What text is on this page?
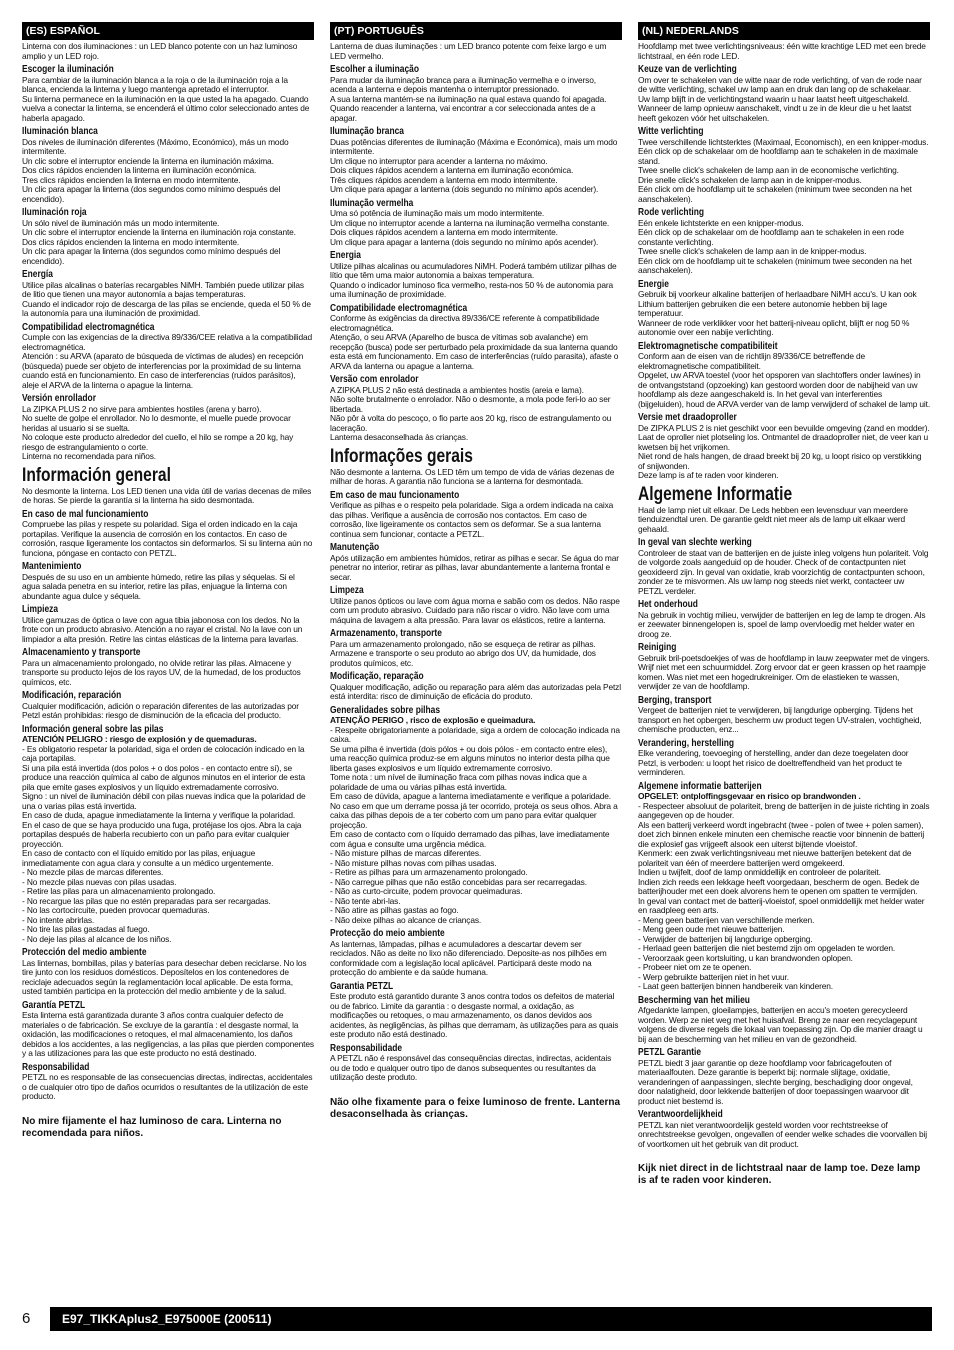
(ES) ESPAÑOL

Linterna con dos iluminaciones : un LED blanco potente con un haz luminoso amplio y un LED rojo.

Escoger la iluminación

Para cambiar de la iluminación blanca a la roja o de la iluminación roja a la blanca, encienda la linterna y luego mantenga apretado el interruptor.
Su linterna permanece en la iluminación en la que usted la ha apagado. Cuando vuelva a conectar la linterna, se encenderá el último color seleccionado antes de haberla apagado.

Iluminación blanca

Dos niveles de iluminación diferentes (Máximo, Económico), más un modo intermitente.
Un clic sobre el interruptor enciende la linterna en iluminación máxima.
Dos clics rápidos encienden la linterna en iluminación económica.
Tres clics rápidos encienden la linterna en modo intermitente.
Un clic para apagar la linterna (dos segundos como mínimo después del encendido).

Iluminación roja

Un sólo nivel de iluminación más un modo intermitente.
Un clic sobre el interruptor enciende la linterna en iluminación roja constante.
Dos clics rápidos encienden la linterna en modo intermitente.
Un clic para apagar la linterna (dos segundos como mínimo después del encendido).

Energía

Utilice pilas alcalinas o baterías recargables NiMH. También puede utilizar pilas de litio que tienen una mayor autonomía a bajas temperaturas.
Cuando el indicador rojo de descarga de las pilas se enciende, queda el 50 % de la autonomía para una iluminación de proximidad.

Compatibilidad electromagnética

Cumple con las exigencias de la directiva 89/336/CEE relativa a la compatibilidad electromagnética.
Atención : su ARVA (aparato de búsqueda de víctimas de aludes) en recepción (búsqueda) puede ser objeto de interferencias por la proximidad de su linterna cuando está en funcionamiento. En caso de interferencias (ruidos parásitos), aleje el ARVA de la linterna o apague la linterna.

Versión enrollador

La ZIPKA PLUS 2 no sirve para ambientes hostiles (arena y barro).
No suelte de golpe el enrollador. No lo desmonte, el muelle puede provocar heridas al usuario si se suelta.
No coloque este producto alrededor del cuello, el hilo se rompe a 20 kg, hay riesgo de estrangulamiento o corte.
Linterna no recomendada para niños.

Información general

No desmonte la linterna. Los LED tienen una vida útil de varias decenas de miles de horas. Se pierde la garantía si la linterna ha sido desmontada.

En caso de mal funcionamiento

Compruebe las pilas y respete su polaridad. Siga el orden indicado en la caja portapilas. Verifique la ausencia de corrosión en los contactos. En caso de corrosión, rasque ligeramente los contactos sin deformarlos. Si su linterna aún no funciona, póngase en contacto con PETZL.

Mantenimiento

Después de su uso en un ambiente húmedo, retire las pilas y séquelas. Si el agua salada penetra en su interior, retire las pilas, enjuague la linterna con abundante agua dulce y séquela.

Limpieza

Utilice gamuzas de óptica o lave con agua tibia jabonosa con los dedos. No la frote con un producto abrasivo. Atención a no rayar el cristal. No la lave con un limpiador a alta presión. Retire las cintas elásticas de la linterna para lavarlas.

Almacenamiento y transporte

Para un almacenamiento prolongado, no olvide retirar las pilas. Almacene y transporte su producto lejos de los rayos UV, de la humedad, de los productos químicos, etc.

Modificación, reparación

Cualquier modificación, adición o reparación diferentes de las autorizadas por Petzl están prohibidas: riesgo de disminución de la eficacia del producto.

Información general sobre las pilas

ATENCIÓN PELIGRO : riesgo de explosión y de quemaduras.

- Es obligatorio respetar la polaridad, siga el orden de colocación indicado en la caja portapilas.
Si una pila está invertida (dos polos + o dos polos - en contacto entre sí), se produce una reacción química al cabo de algunos minutos en el interior de esta pila que emite gases explosivos y un líquido extremadamente corrosivo.
Signo : un nivel de iluminación débil con pilas nuevas indica que la polaridad de una o varias pilas está invertida.
En caso de duda, apague inmediatamente la linterna y verifique la polaridad.
En el caso de que se haya producido una fuga, protéjase los ojos. Abra la caja portapilas después de haberla recubierto con un paño para evitar cualquier proyección.
En caso de contacto con el líquido emitido por las pilas, enjuague inmediatamente con agua clara y consulte a un médico urgentemente.
- No mezcle pilas de marcas diferentes.
- No mezcle pilas nuevas con pilas usadas.
- Retire las pilas para un almacenamiento prolongado.
- No recargue las pilas que no estén preparadas para ser recargadas.
- No las cortocircuite, pueden provocar quemaduras.
- No intente abrirlas.
- No tire las pilas gastadas al fuego.
- No deje las pilas al alcance de los niños.

Protección del medio ambiente

Las linternas, bombillas, pilas y baterías para desechar deben reciclarse. No los tire junto con los residuos domésticos. Deposítelos en los contenedores de reciclaje adecuados según la reglamentación local aplicable. De esta forma, usted también participa en la protección del medio ambiente y de la salud.

Garantía PETZL

Esta linterna está garantizada durante 3 años contra cualquier defecto de materiales o de fabricación. Se excluye de la garantía : el desgaste normal, la oxidación, las modificaciones o retoques, el mal almacenamiento, los daños debidos a los accidentes, a las negligencias, a las pilas que pierden componentes y a las utilizaciones para las que este producto no está destinado.

Responsabilidad

PETZL no es responsable de las consecuencias directas, indirectas, accidentales o de cualquier otro tipo de daños ocurridos o resultantes de la utilización de este producto.

No mire fijamente el haz luminoso de cara. Linterna no recomendada para niños.
(PT) PORTUGUÊS

Lanterna de duas iluminações : um LED branco potente com feixe largo e um LED vermelho.

Escolher a iluminação

Para mudar da iluminação branca para a iluminação vermelha e o inverso, acenda a lanterna e depois mantenha o interruptor pressionado.
A sua lanterna mantém-se na iluminação na qual estava quando foi apagada.
Quando reacender a lanterna, vai encontrar a cor seleccionada antes de a apagar.

Iluminação branca

Duas potências diferentes de iluminação (Máxima e Económica), mais um modo intermitente.
Um clique no interruptor para acender a lanterna no máximo.
Dois cliques rápidos acendem a lanterna em iluminação económica.
Três cliques rápidos acendem a lanterna em modo intermitente.
Um clique para apagar a lanterna (dois segundo no mínimo após acender).

Iluminação vermelha

Uma só potência de iluminação mais um modo intermitente.
Um clique no interruptor acende a lanterna na iluminação vermelha constante.
Dois cliques rápidos acendem a lanterna em modo intermitente.
Um clique para apagar a lanterna (dois segundo no mínimo após acender).

Energia

Utilize pilhas alcalinas ou acumuladores NiMH. Poderá também utilizar pilhas de lítio que têm uma maior autonomia a baixas temperatura.
Quando o indicador luminoso fica vermelho, resta-nos 50 % de autonomia para uma iluminação de proximidade.

Compatibilidade electromagnética

Conforme às exigências da directiva 89/336/CE referente à compatibilidade electromagnética.
Atenção, o seu ARVA (Aparelho de busca de vítimas sob avalanche) em recepção (busca) pode ser perturbado pela proximidade da sua lanterna quando esta está em funcionamento. Em caso de interferências (ruído parasita), afaste o ARVA da lanterna ou apague a lanterna.

Versão com enrolador

A ZIPKA PLUS 2 não está destinada a ambientes hostis (areia e lama).
Não solte brutalmente o enrolador. Não o desmonte, a mola pode feri-lo ao ser libertada.
Não pôr à volta do pescoço, o fio parte aos 20 kg, risco de estrangulamento ou laceração.
Lanterna desaconselhada às crianças.

Informações gerais

Não desmonte a lanterna. Os LED têm um tempo de vida de várias dezenas de milhar de horas. A garantia não funciona se a lanterna for desmontada.

Em caso de mau funcionamento

Verifique as pilhas e o respeito pela polaridade. Siga a ordem indicada na caixa das pilhas. Verifique a ausência de corrosão nos contactos. Em caso de corrosão, lixe ligeiramente os contactos sem os deformar. Se a sua lanterna continua sem funcionar, contacte a PETZL.

Manutenção

Após utilização em ambientes húmidos, retirar as pilhas e secar. Se água do mar penetrar no interior, retirar as pilhas, lavar abundantemente a lanterna frontal e secar.

Limpeza

Utilize panos ópticos ou lave com água morna e sabão com os dedos. Não raspe com um produto abrasivo. Cuidado para não riscar o vidro. Não lave com uma máquina de lavagem a alta pressão. Para lavar os elásticos, retire a lanterna.

Armazenamento, transporte

Para um armazenamento prolongado, não se esqueça de retirar as pilhas. Armazene e transporte o seu produto ao abrigo dos UV, da humidade, dos produtos químicos, etc.

Modificação, reparação

Qualquer modificação, adição ou reparação para além das autorizadas pela Petzl está interdita: risco de diminuição de eficácia do produto.

Generalidades sobre pilhas

ATENÇÃO PERIGO , risco de explosão e queimadura.

- Respeite obrigatoriamente a polaridade, siga a ordem de colocação indicada na caixa.
Se uma pilha é invertida (dois pólos + ou dois pólos - em contacto entre eles), uma reacção química produz-se em alguns minutos no interior desta pilha que liberta gases explosivos e um líquido extremamente corrosivo.
Tome nota : um nível de iluminação fraca com pilhas novas indica que a polaridade de uma ou várias pilhas está invertida.
Em caso de dúvida, apague a lanterna imediatamente e verifique a polaridade.
No caso em que um derrame possa já ter ocorrido, proteja os seus olhos. Abra a caixa das pilhas depois de a ter coberto com um pano para evitar qualquer projecção.
Em caso de contacto com o líquido derramado das pilhas, lave imediatamente com água e consulte uma urgência médica.
- Não misture pilhas de marcas diferentes.
- Não misture pilhas novas com pilhas usadas.
- Retire as pilhas para um armazenamento prolongado.
- Não carregue pilhas que não estão concebidas para ser recarregadas.
- Não as curto-circuite, podem provocar queimaduras.
- Não tente abri-las.
- Não atire as pilhas gastas ao fogo.
- Não deixe pilhas ao alcance de crianças.

Protecção do meio ambiente

As lanternas, lâmpadas, pilhas e acumuladores a descartar devem ser reciclados. Não as deite no lixo não diferenciado. Deposite-as nos pilhões em conformidade com a legislação local aplicável. Participará deste modo na protecção do ambiente e da saúde humana.

Garantia PETZL

Este produto está garantido durante 3 anos contra todos os defeitos de material ou de fabrico. Limite da garantia : o desgaste normal, a oxidação, as modificações ou retoques, o mau armazenamento, os danos devidos aos acidentes, às negligências, às pilhas que derramam, às utilizações para as quais este produto não está destinado.

Responsabilidade

A PETZL não é responsável das consequências directas, indirectas, acidentais ou de todo e qualquer outro tipo de danos subsequentes ou resultantes da utilização deste produto.

Não olhe fixamente para o feixe luminoso de frente. Lanterna desaconselhada às crianças.
(NL) NEDERLANDS

Hoofdlamp met twee verlichtingsniveaus: één witte krachtige LED met een brede lichtstraal, en één rode LED.

Keuze van de verlichting

Om over te schakelen van de witte naar de rode verlichting, of van de rode naar de witte verlichting, schakel uw lamp aan en druk dan lang op de schakelaar.
Uw lamp blijft in de verlichtingstand waarin u haar laatst heeft uitgeschakeld.
Wanneer de lamp opnieuw aanschakelt, vindt u ze in de kleur die u het laatst heeft gekozen vóór het uitschakelen.

Witte verlichting

Twee verschillende lichtsterktes (Maximaal, Economisch), en een knipper-modus.
Eén click op de schakelaar om de hoofdlamp aan te schakelen in de maximale stand.
Twee snelle click's schakelen de lamp aan in de economische verlichting.
Drie snelle click's schakelen de lamp aan in de knipper-modus.
Eén click om de hoofdlamp uit te schakelen (minimum twee seconden na het aanschakelen).

Rode verlichting

Eén enkele lichtsterkte en een knipper-modus.
Eén click op de schakelaar om de hoofdlamp aan te schakelen in een rode constante verlichting.
Twee snelle click's schakelen de lamp aan in de knipper-modus.
Eén click om de hoofdlamp uit te schakelen (minimum twee seconden na het aanschakelen).

Energie

Gebruik bij voorkeur alkaline batterijen of herlaadbare NiMH accu's. U kan ook Lithium batterijen gebruiken die een betere autonomie hebben bij lage temperatuur.
Wanneer de rode verklikker voor het batterij-niveau oplicht, blijft er nog 50 % autonomie over een nabije verlichting.

Elektromagnetische compatibiliteit

Conform aan de eisen van de richtlijn 89/336/CE betreffende de elektromagnetische compatibiliteit.
Opgelet, uw ARVA toestel (voor het opsporen van slachtoffers onder lawines) in de ontvangststand (opzoeking) kan gestoord worden door de nabijheid van uw hoofdlamp als deze aangeschakeld is. In het geval van interferenties (bijgeluiden), houd de ARVA verder van de lamp verwijderd of schakel de lamp uit.

Versie met draadoproller

De ZIPKA PLUS 2 is niet geschikt voor een bevuilde omgeving (zand en modder).
Laat de oproller niet plotseling los. Ontmantel de draadoproller niet, de veer kan u kwetsen bij het vrijkomen.
Niet rond de hals hangen, de draad breekt bij 20 kg, u loopt risico op verstikking of snijwonden.
Deze lamp is af te raden voor kinderen.

Algemene Informatie

Haal de lamp niet uit elkaar. De Leds hebben een levensduur van meerdere tienduizendtal uren. De garantie geldt niet meer als de lamp uit elkaar werd gehaald.

In geval van slechte werking

Controleer de staat van de batterijen en de juiste inleg volgens hun polariteit. Volg de volgorde zoals aangeduid op de houder. Check of de contactpunten niet geoxideerd zijn. In geval van oxidatie, krab voorzichtig de contactpunten schoon, zonder ze te misvormen. Als uw lamp nog steeds niet werkt, contacteer uw PETZL verdeler.

Het onderhoud

Na gebruik in vochtig milieu, verwijder de batterijen en leg de lamp te drogen. Als er zeewater binnengelopen is, spoel de lamp overvloedig met helder water en droog ze.

Reiniging

Gebruik bril-poetsdoekjes of was de hoofdlamp in lauw zeepwater met de vingers. Wrijf niet met een schuurmiddel. Zorg ervoor dat er geen krassen op het raampje komen. Was niet met een hogedrukreiniger. Om de elastieken te wassen, verwijder ze van de hoofdlamp.

Berging, transport

Vergeet de batterijen niet te verwijderen, bij langdurige opberging. Tijdens het transport en het opbergen, bescherm uw product tegen UV-stralen, vochtigheid, chemische producten, enz...

Verandering, herstelling

Elke verandering, toevoeging of herstelling, ander dan deze toegelaten door Petzl, is verboden: u loopt het risico de doeltreffendheid van het product te verminderen.

Algemene informatie batterijen

OPGELET: ontploffingsgevaar en risico op brandwonden .

- Respecteer absoluut de polariteit, breng de batterijen in de juiste richting in zoals aangegeven op de houder.
Als een batterij verkeerd wordt ingebracht (twee - polen of twee + polen samen), doet zich binnen enkele minuten een chemische reactie voor binnenin de batterij die explosief gas vrijgeeft alsook een uiterst bijtende vloeistof.
Kenmerk: een zwak verlichtingsniveau met nieuwe batterijen betekent dat de polariteit van één of meerdere batterijen werd omgekeerd.
Indien u twijfelt, doof de lamp onmiddellijk en controleer de polariteit.
Indien zich reeds een lekkage heeft voorgedaan, bescherm de ogen. Bedek de batterijhouder met een doek alvorens hem te openen om spatten te vermijden.
In geval van contact met de batterij-vloeistof, spoel onmiddellijk met helder water en raadpleeg een arts.
- Meng geen batterijen van verschillende merken.
- Meng geen oude met nieuwe batterijen.
- Verwijder de batterijen bij langdurige opberging.
- Herlaad geen batterijen die niet bestemd zijn om opgeladen te worden.
- Veroorzaak geen kortsluiting, u kan brandwonden oplopen.
- Probeer niet om ze te openen.
- Werp gebruikte batterijen niet in het vuur.
- Laat geen batterijen binnen handbereik van kinderen.

Bescherming van het milieu

Afgedankte lampen, gloeilampjes, batterijen en accu's moeten gerecycleerd worden. Werp ze niet weg met het huisafval. Breng ze naar een recyclagepunt volgens de diverse regels die lokaal van toepassing zijn. Op die manier draagt u bij aan de bescherming van het milieu en van de gezondheid.

PETZL Garantie

PETZL biedt 3 jaar garantie op deze hoofdlamp voor fabricagefouten of materiaalfouten. Deze garantie is beperkt bij: normale slijtage, oxidatie, veranderingen of aanpassingen, slechte berging, beschadiging door ongeval, door nalatigheid, door lekkende batterijen of door toepassingen waarvoor dit product niet bestemd is.

Verantwoordelijkheid

PETZL kan niet verantwoordelijk gesteld worden voor rechtstreekse of onrechtstreekse gevolgen, ongevallen of eender welke schades die voorvallen bij of voortkomen uit het gebruik van dit product.

Kijk niet direct in de lichtstraal naar de lamp toe. Deze lamp is af te raden voor kinderen.
6	E97_TIKKAplus2_E975000E (200511)
